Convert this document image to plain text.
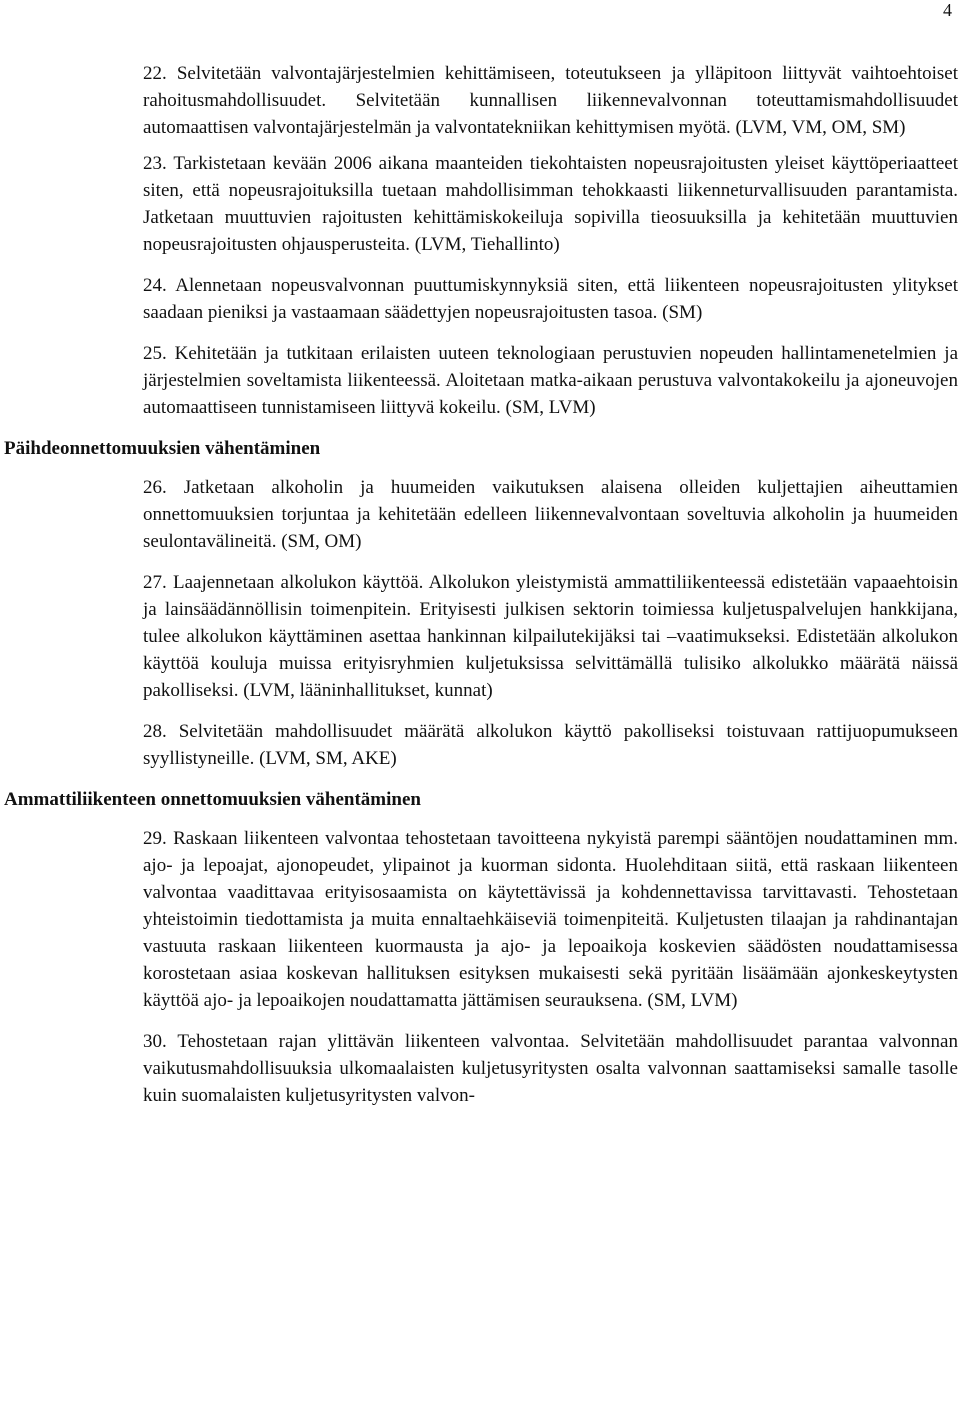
4
22. Selvitetään valvontajärjestelmien kehittämiseen, toteutukseen ja ylläpitoon liittyvät vaihtoehtoiset rahoitusmahdollisuudet. Selvitetään kunnallisen liikennevalvonnan toteuttamismahdollisuudet automaattisen valvontajärjestelmän ja valvontatekniikan kehittymisen myötä. (LVM, VM, OM, SM)
23. Tarkistetaan kevään 2006 aikana maanteiden tiekohtaisten nopeusrajoitusten yleiset käyttöperiaatteet siten, että nopeusrajoituksilla tuetaan mahdollisimman tehokkaasti liikenneturvallisuuden parantamista. Jatketaan muuttuvien rajoitusten kehittämiskokeiluja sopivilla tieosuuksilla ja kehitetään muuttuvien nopeusrajoitusten ohjausperusteita. (LVM, Tiehallinto)
24. Alennetaan nopeusvalvonnan puuttumiskynnyksiä siten, että liikenteen nopeusrajoitusten ylitykset saadaan pieniksi ja vastaamaan säädettyjen nopeusrajoitusten tasoa. (SM)
25. Kehitetään ja tutkitaan erilaisten uuteen teknologiaan perustuvien nopeuden hallintamenetelmien ja järjestelmien soveltamista liikenteessä. Aloitetaan matka-aikaan perustuva valvontakokeilu ja ajoneuvojen automaattiseen tunnistamiseen liittyvä kokeilu. (SM, LVM)
Päihdeonnettomuuksien vähentäminen
26. Jatketaan alkoholin ja huumeiden vaikutuksen alaisena olleiden kuljettajien aiheuttamien onnettomuuksien torjuntaa ja kehitetään edelleen liikennevalvontaan soveltuvia alkoholin ja huumeiden seulontavälineitä. (SM, OM)
27. Laajennetaan alkolukon käyttöä. Alkolukon yleistymistä ammattiliikenteessä edistetään vapaaehtoisin ja lainsäädännöllisin toimenpitein. Erityisesti julkisen sektorin toimiessa kuljetuspalvelujen hankkijana, tulee alkolukon käyttäminen asettaa hankinnan kilpailutekijäksi tai –vaatimukseksi. Edistetään alkolukon käyttöä kouluja muissa erityisryhmien kuljetuksissa selvittämällä tulisiko alkolukko määrätä näissä pakolliseksi. (LVM, lääninhallitukset, kunnat)
28. Selvitetään mahdollisuudet määrätä alkolukon käyttö pakolliseksi toistuvaan rattijuopumukseen syyllistyneille. (LVM, SM, AKE)
Ammattiliikenteen onnettomuuksien vähentäminen
29. Raskaan liikenteen valvontaa tehostetaan tavoitteena nykyistä parempi sääntöjen noudattaminen mm. ajo- ja lepoajat, ajonopeudet, ylipainot ja kuorman sidonta. Huolehditaan siitä, että raskaan liikenteen valvontaa vaadittavaa erityisosaamista on käytettävissä ja kohdennettavissa tarvittavasti. Tehostetaan yhteistoimin tiedottamista ja muita ennaltaehkäiseviä toimenpiteitä. Kuljetusten tilaajan ja rahdinantajan vastuuta raskaan liikenteen kuormausta ja ajo- ja lepoaikoja koskevien säädösten noudattamisessa korostetaan asiaa koskevan hallituksen esityksen mukaisesti sekä pyritään lisäämään ajonkeskeytysten käyttöä ajo- ja lepoaikojen noudattamatta jättämisen seurauksena. (SM, LVM)
30. Tehostetaan rajan ylittävän liikenteen valvontaa. Selvitetään mahdollisuudet parantaa valvonnan vaikutusmahdollisuuksia ulkomaalaisten kuljetusyritysten osalta valvonnan saattamiseksi samalle tasolle kuin suomalaisten kuljetusyritysten valvon-
